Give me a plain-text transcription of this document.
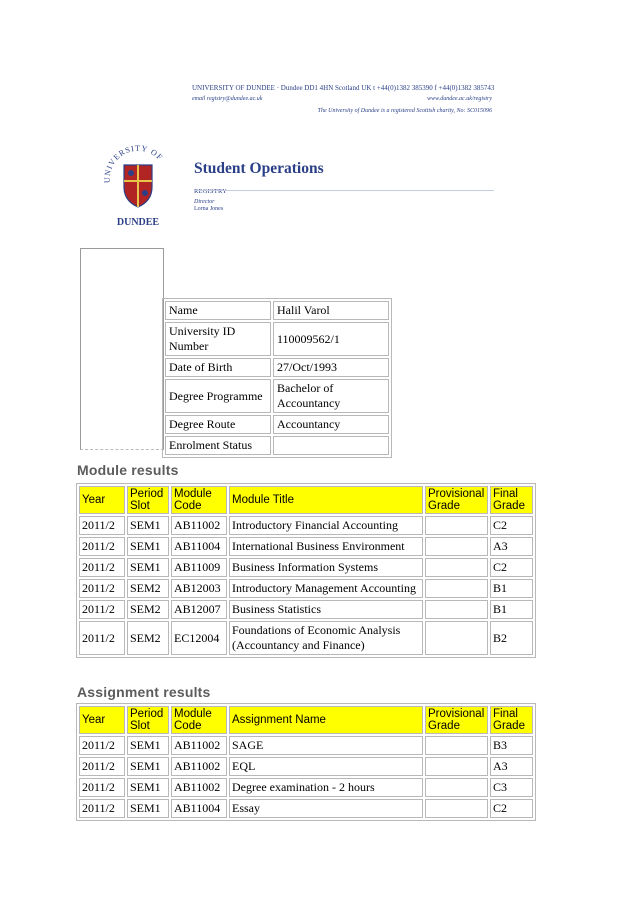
UNIVERSITY OF DUNDEE · Dundee DD1 4HN Scotland UK t +44(0)1382 385390 f +44(0)1382 385743
email registry@dundee.ac.uk	www.dundee.ac.uk/registry
The University of Dundee is a registered Scottish charity, No: SC015096
UNIVERSITY OF
DUNDEE
Student Operations
REGISTRY
Director
Lorna Jones
Name	Halil Varol
University ID Number	110009562/1
Date of Birth	27/Oct/1993
Degree Programme	Bachelor of Accountancy
Degree Route	Accountancy
Enrolment Status	
Module results
Year	Period Slot	Module Code	Module Title	Provisional Grade	Final Grade
2011/2	SEM1	AB11002	Introductory Financial Accounting		C2
2011/2	SEM1	AB11004	International Business Environment		A3
2011/2	SEM1	AB11009	Business Information Systems		C2
2011/2	SEM2	AB12003	Introductory Management Accounting		B1
2011/2	SEM2	AB12007	Business Statistics		B1
2011/2	SEM2	EC12004	Foundations of Economic Analysis (Accountancy and Finance)		B2
Assignment results
Year	Period Slot	Module Code	Assignment Name	Provisional Grade	Final Grade
2011/2	SEM1	AB11002	SAGE		B3
2011/2	SEM1	AB11002	EQL		A3
2011/2	SEM1	AB11002	Degree examination - 2 hours		C3
2011/2	SEM1	AB11004	Essay		C2
